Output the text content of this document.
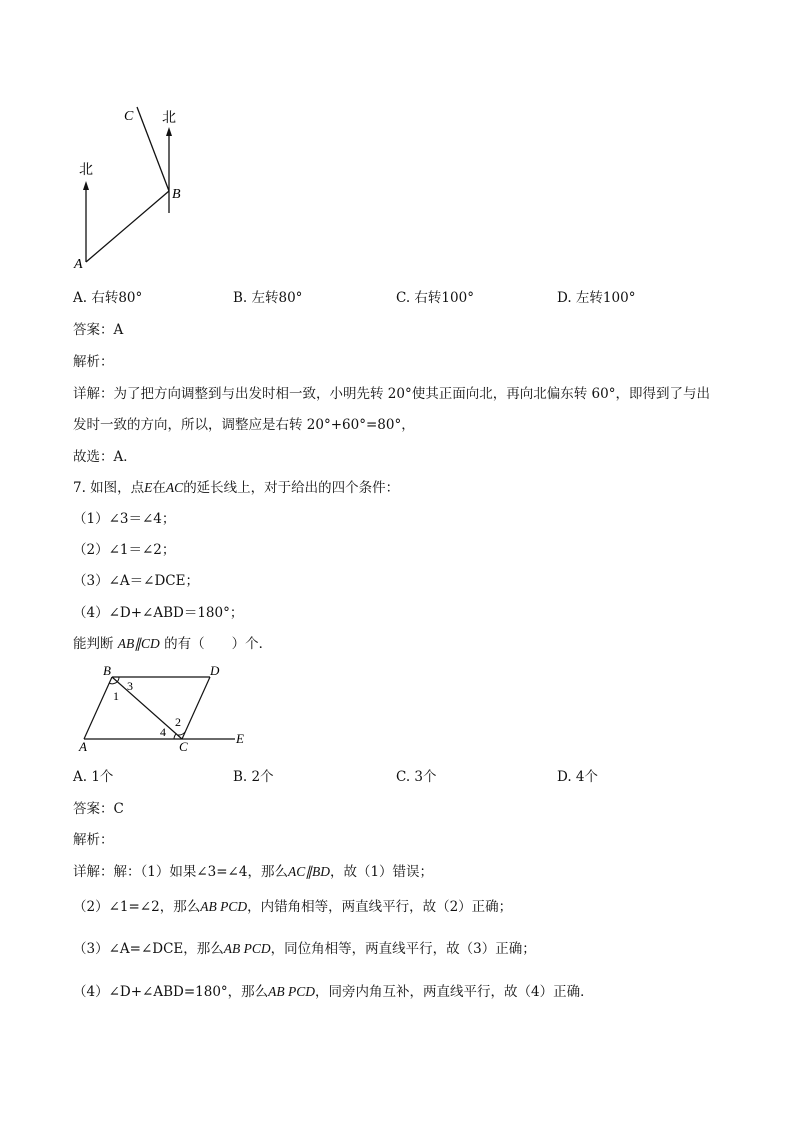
C
B
A
北
北
A. 右转80°	B. 左转80°	C. 右转100°	D. 左转100°
答案：A
解析：
详解：为了把方向调整到与出发时相一致，小明先转 20°使其正面向北，再向北偏东转 60°，即得到了与出
发时一致的方向，所以，调整应是右转 20°+60°=80°，
故选：A．
7. 如图，点E在AC的延长线上，对于给出的四个条件：
（1）∠3＝∠4；
（2）∠1＝∠2；
（3）∠A＝∠DCE；
（4）∠D+∠ABD＝180°；
能判断 AB∥CD 的有（　　）个．
B	D
A	C
E
1
3
2
4
A. 1个	B. 2个	C. 3个	D. 4个
答案：C
解析：
详解：解：（1）如果∠3=∠4，那么AC∥BD，故（1）错误；
（2）∠1=∠2，那么AB PCD，内错角相等，两直线平行，故（2）正确；
（3）∠A=∠DCE，那么AB PCD，同位角相等，两直线平行，故（3）正确；
（4）∠D+∠ABD=180°，那么AB PCD，同旁内角互补，两直线平行，故（4）正确．
